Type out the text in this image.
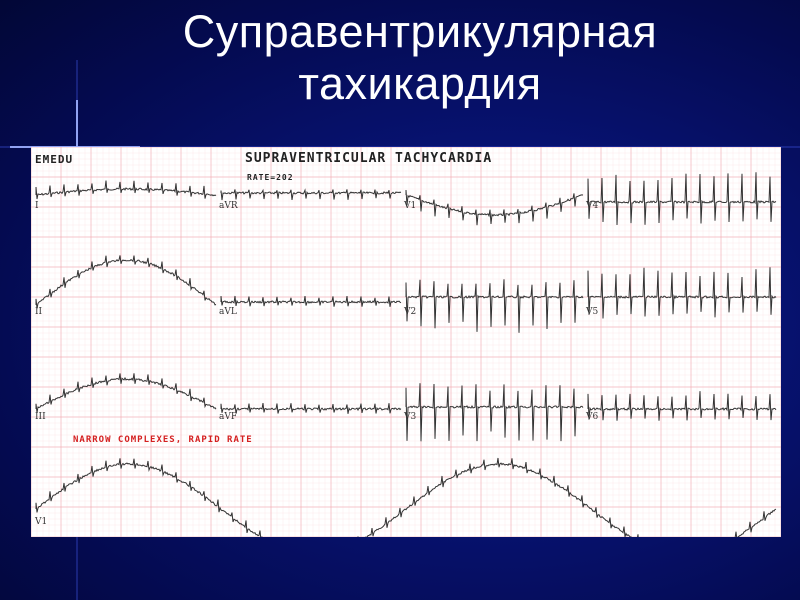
Суправентрикулярная
тахикардия
EMEDU	SUPRAVENTRICULAR TACHYCARDIA
RATE=202
NARROW COMPLEXES, RAPID RATE
I	aVR	V1	V4
II	aVL	V2	V5
III	aVF	V3	V6
V1
